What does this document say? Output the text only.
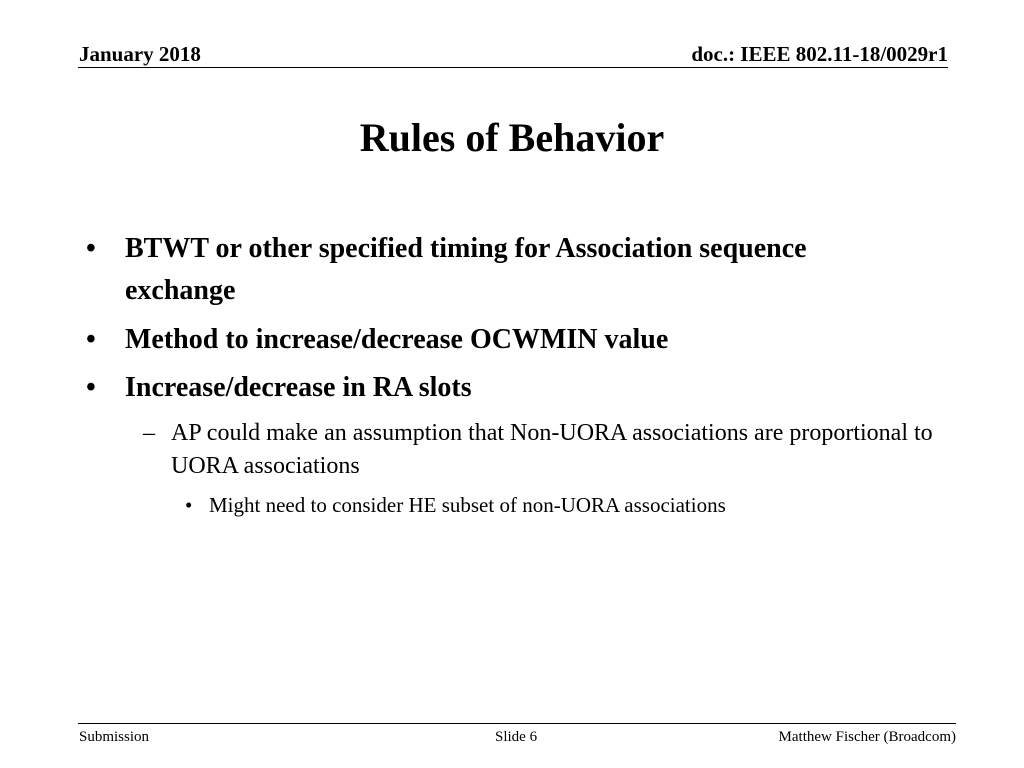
January 2018	doc.: IEEE 802.11-18/0029r1
Rules of Behavior
• BTWT or other specified timing for Association sequence exchange
• Method to increase/decrease OCWMIN value
• Increase/decrease in RA slots
– AP could make an assumption that Non-UORA associations are proportional to UORA associations
• Might need to consider HE subset of non-UORA associations
Submission	Slide 6	Matthew Fischer (Broadcom)
